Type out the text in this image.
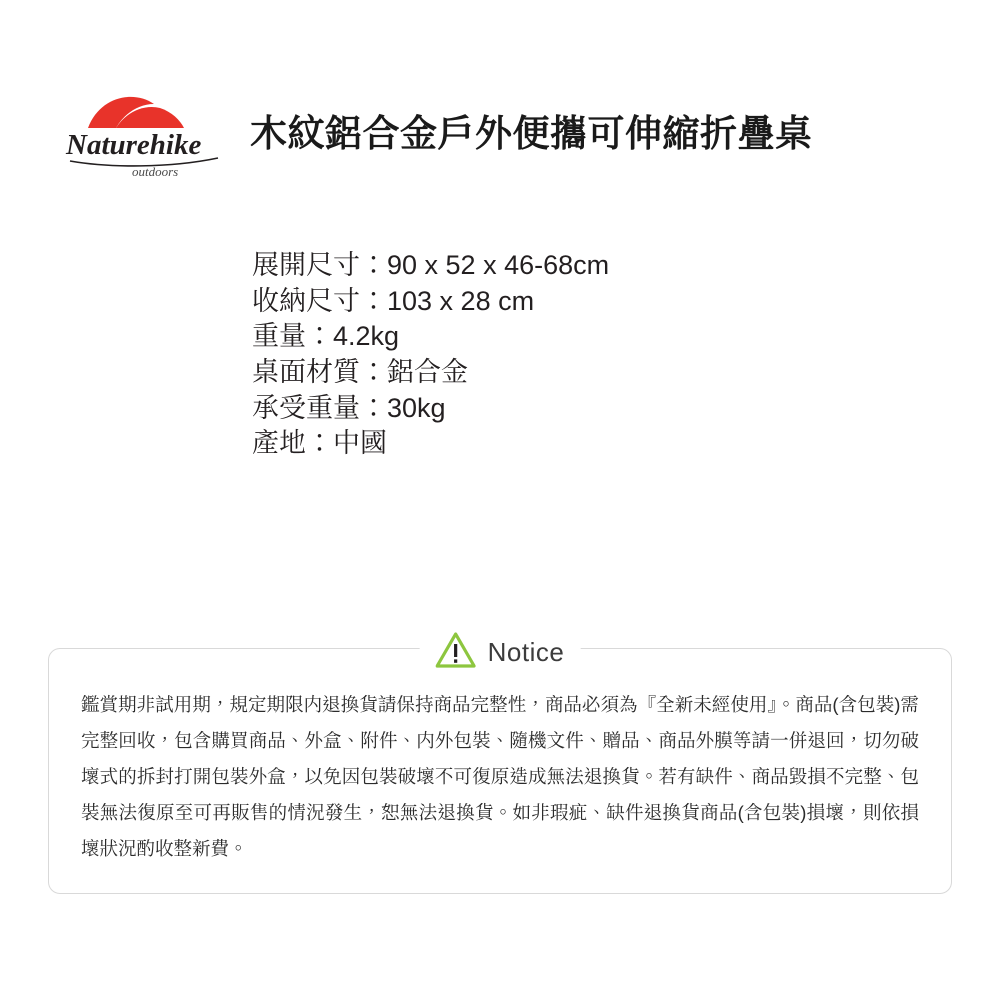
Naturehike
outdoors
木紋鋁合金戶外便攜可伸縮折疊桌
展開尺寸：90 x 52 x 46-68cm
收納尺寸：103 x 28 cm
重量：4.2kg
桌面材質：鋁合金
承受重量：30kg
產地：中國
Notice

鑑賞期非試用期，規定期限内退換貨請保持商品完整性，商品必須為『全新未經使用』。商品(含包裝)需完整回收，包含購買商品、外盒、附件、内外包裝、隨機文件、贈品、商品外膜等請一併退回，切勿破壞式的拆封打開包裝外盒，以免因包裝破壞不可復原造成無法退換貨。若有缺件、商品毀損不完整、包裝無法復原至可再販售的情況發生，恕無法退換貨。如非瑕疵、缺件退換貨商品(含包裝)損壞，則依損壞狀況酌收整新費。
